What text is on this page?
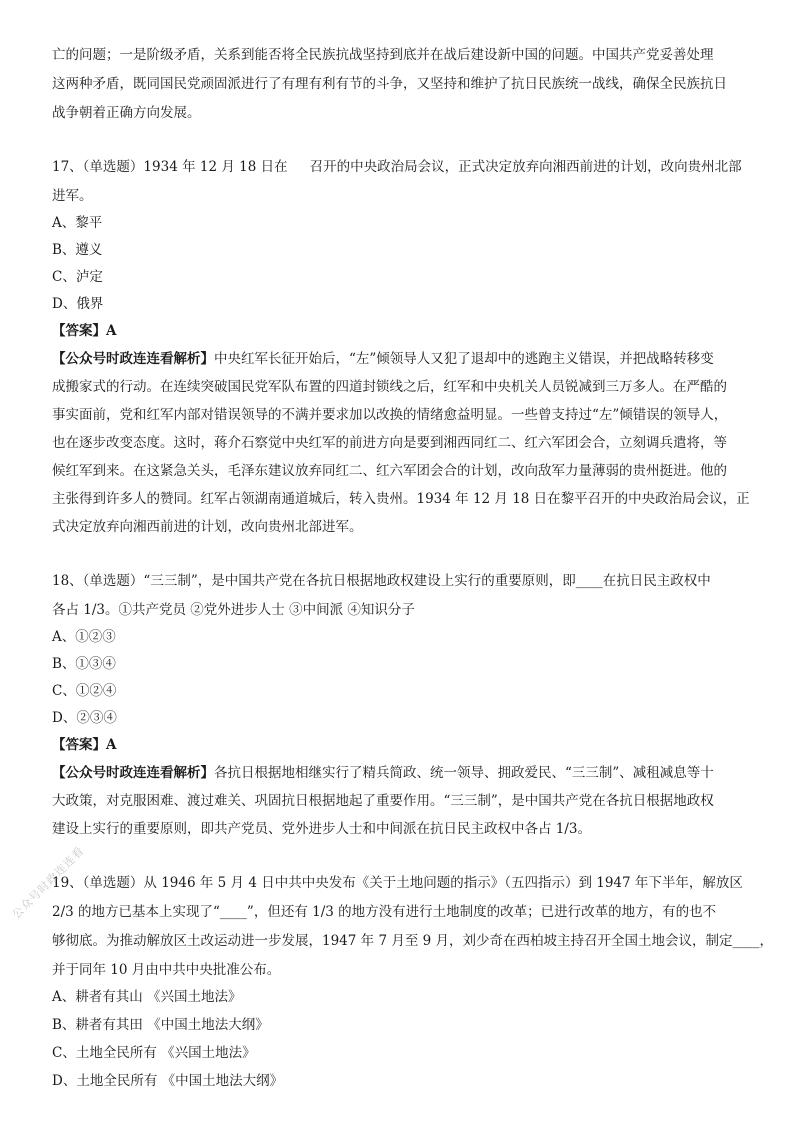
亡的问题；一是阶级矛盾，关系到能否将全民族抗战坚持到底并在战后建设新中国的问题。中国共产党妥善处理
这两种矛盾，既同国民党顽固派进行了有理有利有节的斗争，又坚持和维护了抗日民族统一战线，确保全民族抗日
战争朝着正确方向发展。
17、（单选题）1934 年 12 月 18 日在 召开的中央政治局会议，正式决定放弃向湘西前进的计划，改向贵州北部
进军。
A、黎平
B、遵义
C、泸定
D、俄界
【答案】A
【公众号时政连连看解析】中央红军长征开始后，“左”倾领导人又犯了退却中的逃跑主义错误，并把战略转移变
成搬家式的行动。在连续突破国民党军队布置的四道封锁线之后，红军和中央机关人员锐减到三万多人。在严酷的
事实面前，党和红军内部对错误领导的不满并要求加以改换的情绪愈益明显。一些曾支持过“左”倾错误的领导人，
也在逐步改变态度。这时，蒋介石察觉中央红军的前进方向是要到湘西同红二、红六军团会合，立刻调兵遣将，等
候红军到来。在这紧急关头，毛泽东建议放弃同红二、红六军团会合的计划，改向敌军力量薄弱的贵州挺进。他的
主张得到许多人的赞同。红军占领湖南通道城后，转入贵州。1934 年 12 月 18 日在黎平召开的中央政治局会议，正
式决定放弃向湘西前进的计划，改向贵州北部进军。
18、（单选题）“三三制”，是中国共产党在各抗日根据地政权建设上实行的重要原则，即____在抗日民主政权中
各占 1/3。①共产党员 ②党外进步人士 ③中间派 ④知识分子
A、①②③
B、①③④
C、①②④
D、②③④
【答案】A
【公众号时政连连看解析】各抗日根据地相继实行了精兵简政、统一领导、拥政爱民、“三三制”、减租减息等十
大政策，对克服困难、渡过难关、巩固抗日根据地起了重要作用。“三三制”，是中国共产党在各抗日根据地政权
建设上实行的重要原则，即共产党员、党外进步人士和中间派在抗日民主政权中各占 1/3。
19、（单选题）从 1946 年 5 月 4 日中共中央发布《关于土地问题的指示》（五四指示）到 1947 年下半年，解放区
2/3 的地方已基本上实现了“____”，但还有 1/3 的地方没有进行土地制度的改革；已进行改革的地方，有的也不
够彻底。为推动解放区土改运动进一步发展，1947 年 7 月至 9 月，刘少奇在西柏坡主持召开全国土地会议，制定____，
并于同年 10 月由中共中央批准公布。
A、耕者有其山 《兴国土地法》
B、耕者有其田 《中国土地法大纲》
C、土地全民所有 《兴国土地法》
D、土地全民所有 《中国土地法大纲》
公众号时政连连看
